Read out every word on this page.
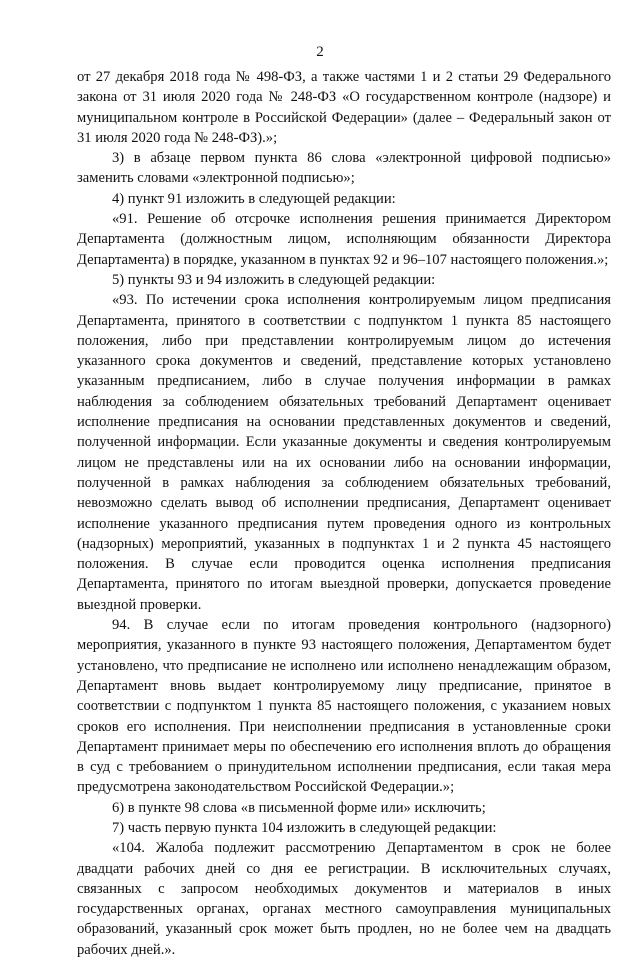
2

от 27 декабря 2018 года № 498-ФЗ, а также частями 1 и 2 статьи 29 Федерального закона от 31 июля 2020 года № 248-ФЗ «О государственном контроле (надзоре) и муниципальном контроле в Российской Федерации» (далее – Федеральный закон от 31 июля 2020 года № 248-ФЗ).»;

3) в абзаце первом пункта 86 слова «электронной цифровой подписью» заменить словами «электронной подписью»;

4) пункт 91 изложить в следующей редакции:

«91. Решение об отсрочке исполнения решения принимается Директором Департамента (должностным лицом, исполняющим обязанности Директора Департамента) в порядке, указанном в пунктах 92 и 96–107 настоящего положения.»;

5) пункты 93 и 94 изложить в следующей редакции:

«93. По истечении срока исполнения контролируемым лицом предписания Департамента, принятого в соответствии с подпунктом 1 пункта 85 настоящего положения, либо при представлении контролируемым лицом до истечения указанного срока документов и сведений, представление которых установлено указанным предписанием, либо в случае получения информации в рамках наблюдения за соблюдением обязательных требований Департамент оценивает исполнение предписания на основании представленных документов и сведений, полученной информации. Если указанные документы и сведения контролируемым лицом не представлены или на их основании либо на основании информации, полученной в рамках наблюдения за соблюдением обязательных требований, невозможно сделать вывод об исполнении предписания, Департамент оценивает исполнение указанного предписания путем проведения одного из контрольных (надзорных) мероприятий, указанных в подпунктах 1 и 2 пункта 45 настоящего положения. В случае если проводится оценка исполнения предписания Департамента, принятого по итогам выездной проверки, допускается проведение выездной проверки.

94. В случае если по итогам проведения контрольного (надзорного) мероприятия, указанного в пункте 93 настоящего положения, Департаментом будет установлено, что предписание не исполнено или исполнено ненадлежащим образом, Департамент вновь выдает контролируемому лицу предписание, принятое в соответствии с подпунктом 1 пункта 85 настоящего положения, с указанием новых сроков его исполнения. При неисполнении предписания в установленные сроки Департамент принимает меры по обеспечению его исполнения вплоть до обращения в суд с требованием о принудительном исполнении предписания, если такая мера предусмотрена законодательством Российской Федерации.»;

6) в пункте 98 слова «в письменной форме или» исключить;

7) часть первую пункта 104 изложить в следующей редакции:

«104. Жалоба подлежит рассмотрению Департаментом в срок не более двадцати рабочих дней со дня ее регистрации. В исключительных случаях, связанных с запросом необходимых документов и материалов в иных государственных органах, органах местного самоуправления муниципальных образований, указанный срок может быть продлен, но не более чем на двадцать рабочих дней.».
